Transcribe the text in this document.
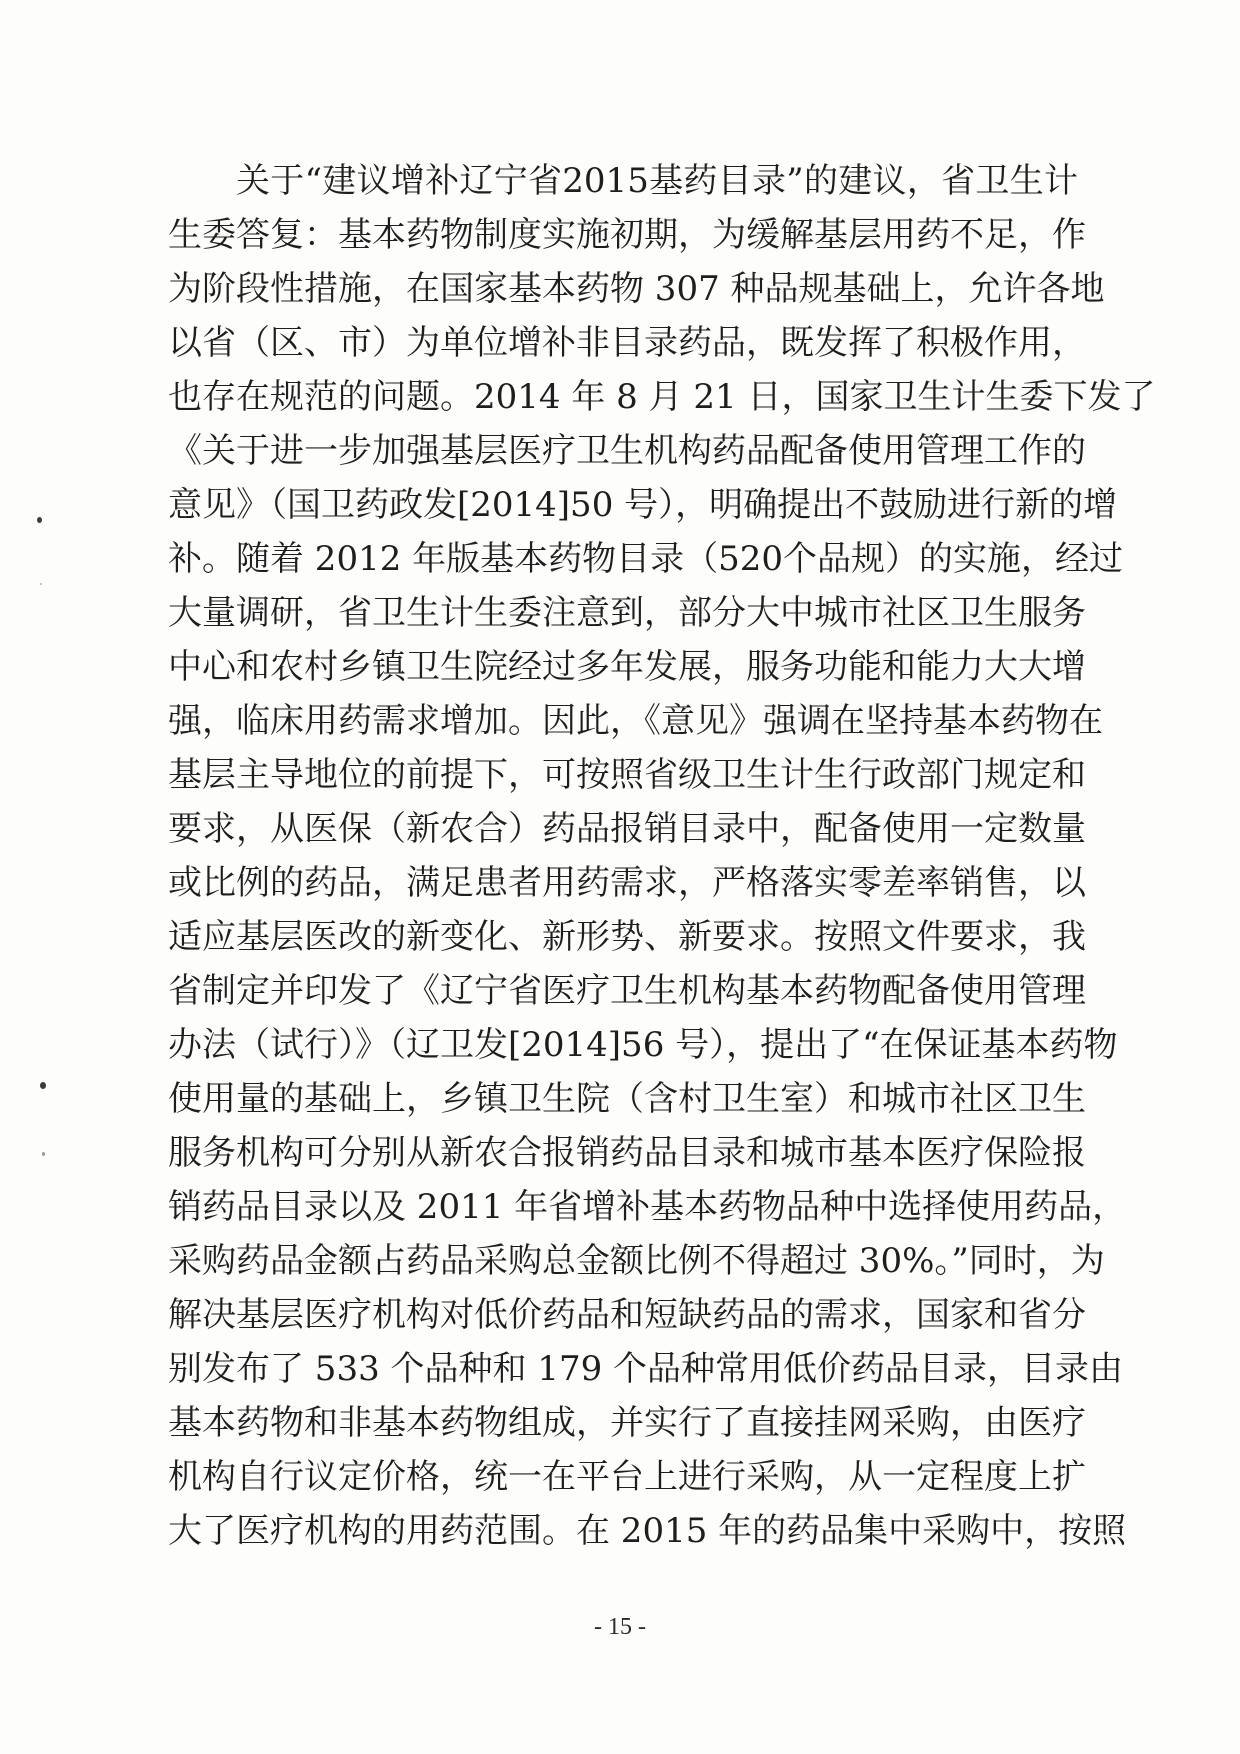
关于“建议增补辽宁省2015基药目录”的建议，省卫生计
生委答复：基本药物制度实施初期，为缓解基层用药不足，作
为阶段性措施，在国家基本药物 307 种品规基础上，允许各地
以省（区、市）为单位增补非目录药品，既发挥了积极作用，
也存在规范的问题。2014 年 8 月 21 日，国家卫生计生委下发了
《关于进一步加强基层医疗卫生机构药品配备使用管理工作的
意见》（国卫药政发[2014]50 号），明确提出不鼓励进行新的增
补。随着 2012 年版基本药物目录（520个品规）的实施，经过
大量调研，省卫生计生委注意到，部分大中城市社区卫生服务
中心和农村乡镇卫生院经过多年发展，服务功能和能力大大增
强，临床用药需求增加。因此，《意见》强调在坚持基本药物在
基层主导地位的前提下，可按照省级卫生计生行政部门规定和
要求，从医保（新农合）药品报销目录中，配备使用一定数量
或比例的药品，满足患者用药需求，严格落实零差率销售，以
适应基层医改的新变化、新形势、新要求。按照文件要求，我
省制定并印发了《辽宁省医疗卫生机构基本药物配备使用管理
办法（试行）》（辽卫发[2014]56 号），提出了“在保证基本药物
使用量的基础上，乡镇卫生院（含村卫生室）和城市社区卫生
服务机构可分别从新农合报销药品目录和城市基本医疗保险报
销药品目录以及 2011 年省增补基本药物品种中选择使用药品，
采购药品金额占药品采购总金额比例不得超过 30%。”同时，为
解决基层医疗机构对低价药品和短缺药品的需求，国家和省分
别发布了 533 个品种和 179 个品种常用低价药品目录，目录由
基本药物和非基本药物组成，并实行了直接挂网采购，由医疗
机构自行议定价格，统一在平台上进行采购，从一定程度上扩
大了医疗机构的用药范围。在 2015 年的药品集中采购中，按照
- 15 -
